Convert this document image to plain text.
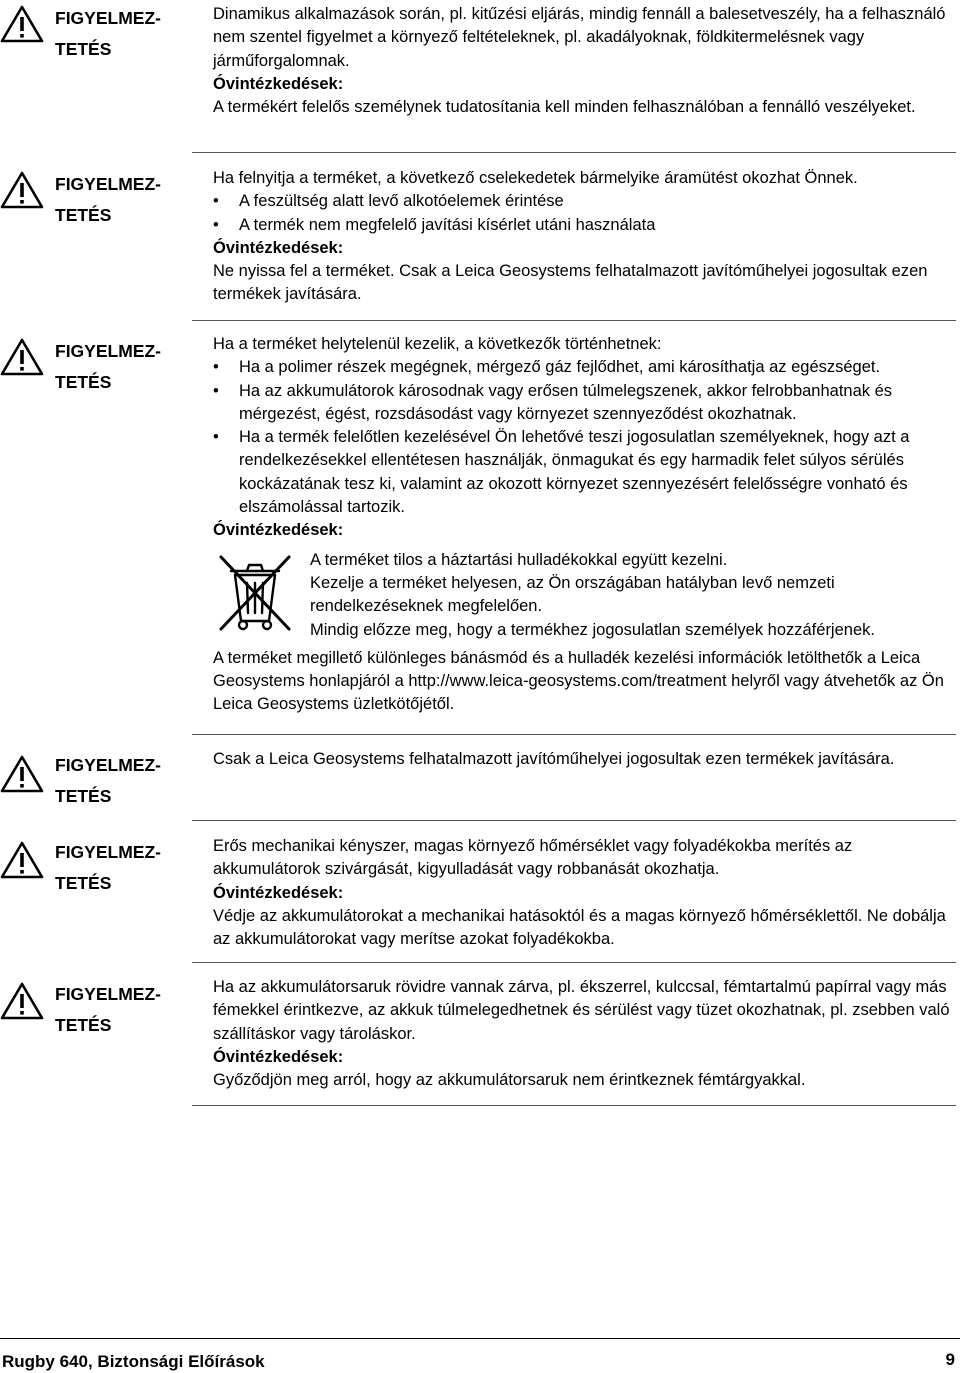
FIGYELMEZ-
TETÉS

Dinamikus alkalmazások során, pl. kitűzési eljárás, mindig fennáll a balesetveszély, ha a felhasználó nem szentel figyelmet a környező feltételeknek, pl. akadályoknak, földkitermelésnek vagy járműforgalomnak.

Óvintézkedések:

A termékért felelős személynek tudatosítania kell minden felhasználóban a fennálló veszélyeket.

FIGYELMEZ-
TETÉS

Ha felnyitja a terméket, a következő cselekedetek bármelyike áramütést okozhat Önnek.

• A feszültség alatt levő alkotóelemek érintése
• A termék nem megfelelő javítási kísérlet utáni használata

Óvintézkedések:

Ne nyissa fel a terméket. Csak a Leica Geosystems felhatalmazott javítóműhelyei jogosultak ezen termékek javítására.

FIGYELMEZ-
TETÉS

Ha a terméket helytelenül kezelik, a következők történhetnek:

• Ha a polimer részek megégnek, mérgező gáz fejlődhet, ami károsíthatja az egészséget.
• Ha az akkumulátorok károsodnak vagy erősen túlmelegszenek, akkor felrobbanhatnak és mérgezést, égést, rozsdásodást vagy környezet szennyeződést okozhatnak.
• Ha a termék felelőtlen kezelésével Ön lehetővé teszi jogosulatlan személyeknek, hogy azt a rendelkezésekkel ellentétesen használják, önmagukat és egy harmadik felet súlyos sérülés kockázatának tesz ki, valamint az okozott környezet szennyezésért felelősségre vonható és elszámolással tartozik.

Óvintézkedések:

A terméket tilos a háztartási hulladékokkal együtt kezelni.

Kezelje a terméket helyesen, az Ön országában hatályban levő nemzeti rendelkezéseknek megfelelően.

Mindig előzze meg, hogy a termékhez jogosulatlan személyek hozzáférjenek.

A terméket megillető különleges bánásmód és a hulladék kezelési információk letölthetők a Leica Geosystems honlapjáról a http://www.leica-geosystems.com/treatment helyről vagy átvehetők az Ön Leica Geosystems üzletkötőjétől.

FIGYELMEZ-
TETÉS

Csak a Leica Geosystems felhatalmazott javítóműhelyei jogosultak ezen termékek javítására.

FIGYELMEZ-
TETÉS

Erős mechanikai kényszer, magas környező hőmérséklet vagy folyadékokba merítés az akkumulátorok szivárgását, kigyulladását vagy robbanását okozhatja.

Óvintézkedések:

Védje az akkumulátorokat a mechanikai hatásoktól és a magas környező hőmérséklettől. Ne dobálja az akkumulátorokat vagy merítse azokat folyadékokba.

FIGYELMEZ-
TETÉS

Ha az akkumulátorsaruk rövidre vannak zárva, pl. ékszerrel, kulccsal, fémtartalmú papírral vagy más fémekkel érintkezve, az akkuk túlmelegedhetnek és sérülést vagy tüzet okozhatnak, pl. zsebben való szállításkor vagy tároláskor.

Óvintézkedések:

Győződjön meg arról, hogy az akkumulátorsaruk nem érintkeznek fémtárgyakkal.

Rugby 640, Biztonsági Előírások	9
